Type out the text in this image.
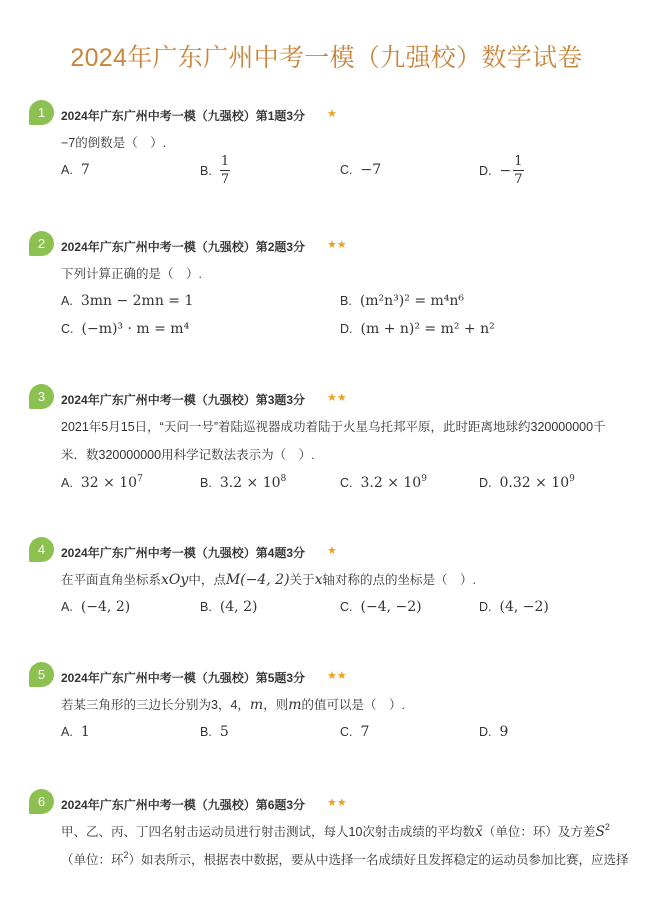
2024年广东广州中考一模（九强校）数学试卷
1	2024年广东广州中考一模（九强校）第1题3分 ★
−7的倒数是（　）.
A. 7	B. $\frac{1}{7}$	C. −7	D. − $\frac{1}{7}$
2	2024年广东广州中考一模（九强校）第2题3分 ★★
下列计算正确的是（　）.
A. 3mn − 2mn = 1	B. (m²n³)² = m⁴n⁶
C. (−m)³ · m = m⁴	D. (m + n)² = m² + n²
3	2024年广东广州中考一模（九强校）第3题3分 ★★
2021年5月15日，“天问一号”着陆巡视器成功着陆于火星乌托邦平原，此时距离地球约320000000千
米．数320000000用科学记数法表示为（　）.
A. $32 \times 10^7$	B. $3.2 \times 10^8$	C. $3.2 \times 10^9$	D. $0.32 \times 10^9$
4	2024年广东广州中考一模（九强校）第4题3分 ★
在平面直角坐标系xOy中，点M(−4, 2)关于x轴对称的点的坐标是（　）.
A. (−4, 2)	B. (4, 2)	C. (−4, −2)	D. (4, −2)
5	2024年广东广州中考一模（九强校）第5题3分 ★★
若某三角形的三边长分别为3，4，m，则m的值可以是（　）.
A. 1	B. 5	C. 7	D. 9
6	2024年广东广州中考一模（九强校）第6题3分 ★★
甲、乙、丙、丁四名射击运动员进行射击测试，每人10次射击成绩的平均数x̄（单位：环）及方差$S^2$
（单位：环$^2$）如表所示，根据表中数据，要从中选择一名成绩好且发挥稳定的运动员参加比赛，应选择
